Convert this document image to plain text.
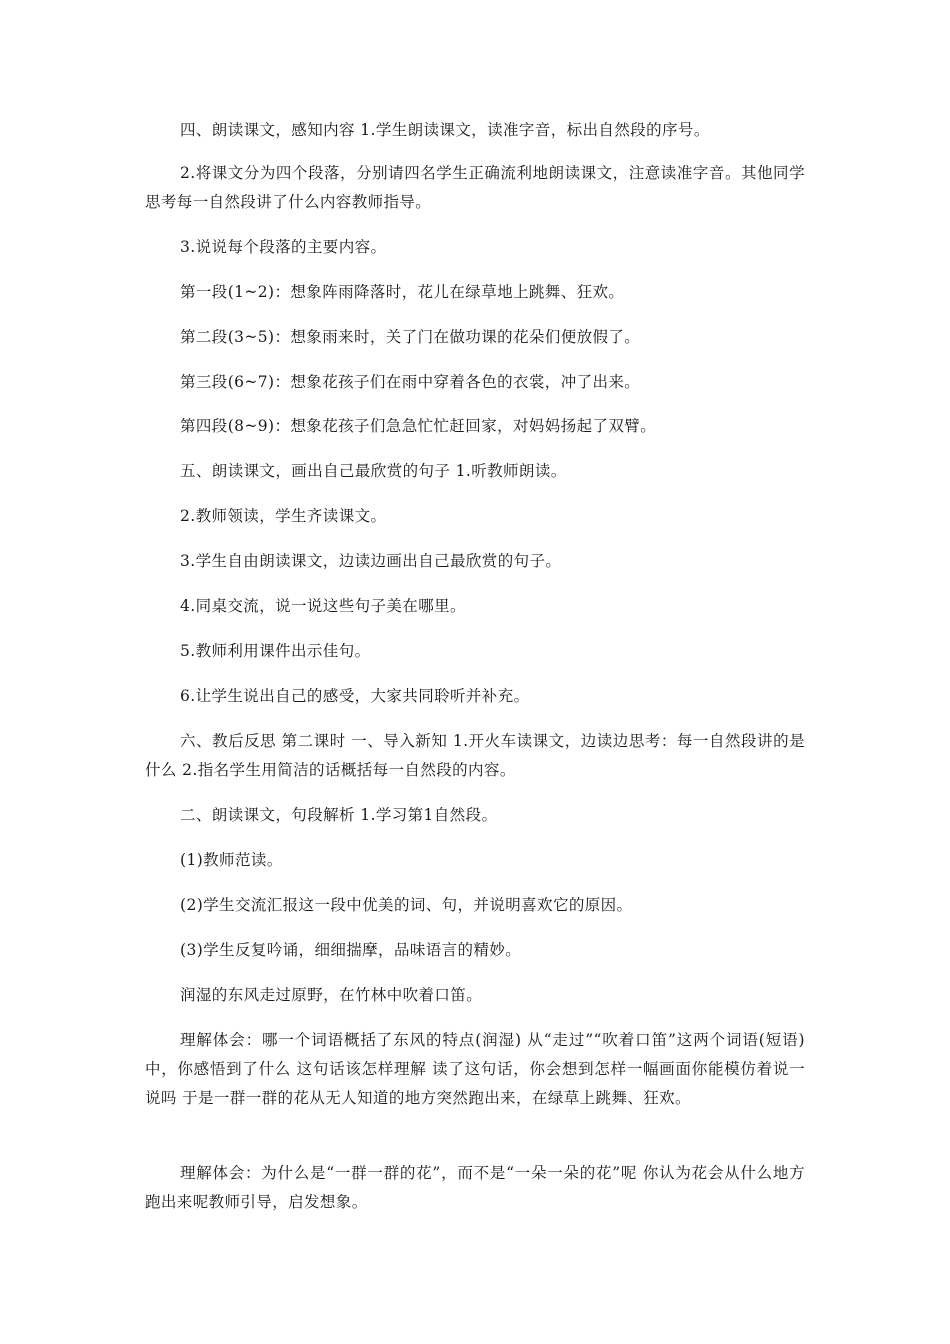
四、朗读课文，感知内容 1.学生朗读课文，读准字音，标出自然段的序号。

2.将课文分为四个段落，分别请四名学生正确流利地朗读课文，注意读准字音。其他同学思考每一自然段讲了什么内容教师指导。

3.说说每个段落的主要内容。

第一段(1~2)：想象阵雨降落时，花儿在绿草地上跳舞、狂欢。

第二段(3~5)：想象雨来时，关了门在做功课的花朵们便放假了。

第三段(6~7)：想象花孩子们在雨中穿着各色的衣裳，冲了出来。

第四段(8~9)：想象花孩子们急急忙忙赶回家，对妈妈扬起了双臂。

五、朗读课文，画出自己最欣赏的句子 1.听教师朗读。

2.教师领读，学生齐读课文。

3.学生自由朗读课文，边读边画出自己最欣赏的句子。

4.同桌交流，说一说这些句子美在哪里。

5.教师利用课件出示佳句。

6.让学生说出自己的感受，大家共同聆听并补充。

六、教后反思 第二课时 一、导入新知 1.开火车读课文，边读边思考：每一自然段讲的是什么 2.指名学生用简洁的话概括每一自然段的内容。

二、朗读课文，句段解析 1.学习第1自然段。

(1)教师范读。

(2)学生交流汇报这一段中优美的词、句，并说明喜欢它的原因。

(3)学生反复吟诵，细细揣摩，品味语言的精妙。

润湿的东风走过原野，在竹林中吹着口笛。

理解体会：哪一个词语概括了东风的特点(润湿) 从“走过”“吹着口笛”这两个词语(短语)中，你感悟到了什么 这句话该怎样理解 读了这句话，你会想到怎样一幅画面你能模仿着说一说吗 于是一群一群的花从无人知道的地方突然跑出来，在绿草上跳舞、狂欢。

理解体会：为什么是“一群一群的花”，而不是“一朵一朵的花”呢 你认为花会从什么地方跑出来呢教师引导，启发想象。
